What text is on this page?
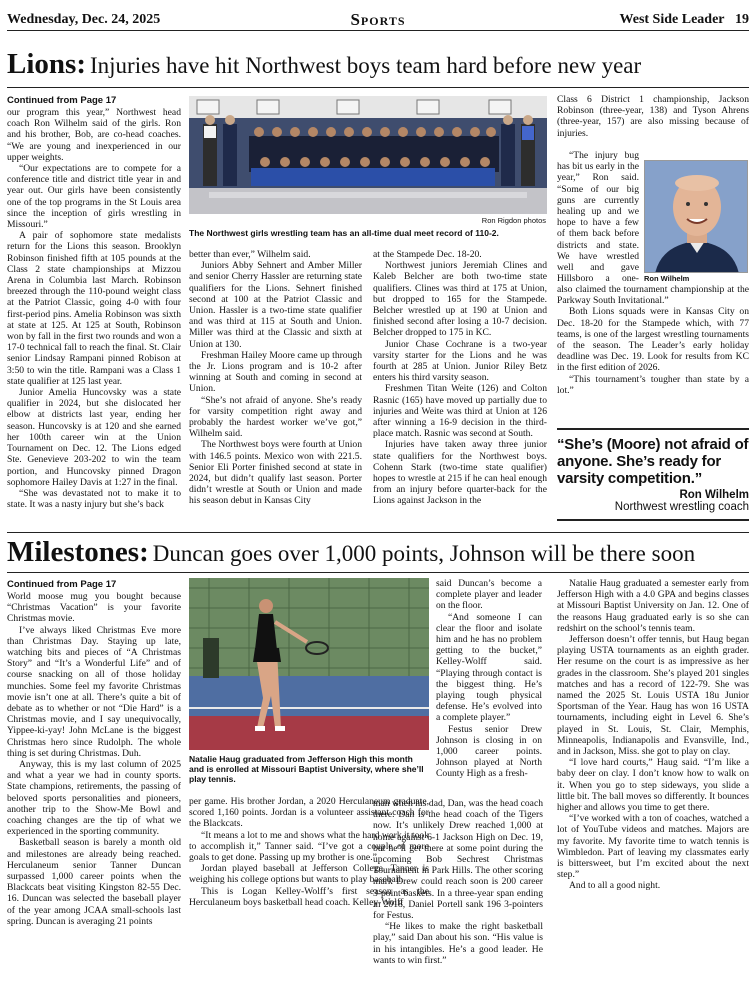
Wednesday, Dec. 24, 2025	Sports	West Side Leader 19
Lions: Injuries have hit Northwest boys team hard before new year
Continued from Page 17

our program this year,” Northwest head coach Ron Wilhelm said of the girls. Ron and his brother, Bob, are co-head coaches. “We are young and inexperienced in our upper weights.

“Our expectations are to compete for a conference title and district title year in and year out. Our girls have been consistently one of the top programs in the St Louis area since the inception of girls wrestling in Missouri.”

A pair of sophomore state medalists return for the Lions this season. Brooklyn Robinson finished fifth at 105 pounds at the Class 2 state championships at Mizzou Arena in Columbia last March. Robinson breezed through the 110-pound weight class at the Patriot Classic, going 4-0 with four first-period pins. Amelia Robinson was sixth at state at 125. At 125 at South, Robinson won by fall in the first two rounds and won a 17-0 technical fall to reach the final. St. Clair senior Lindsay Rampani pinned Robison at 3:50 to win the title. Rampani was a Class 1 state qualifier at 125 last year.

Junior Amelia Huncovsky was a state qualifier in 2024, but she dislocated her elbow at districts last year, ending her season. Huncovsky is at 120 and she earned her 100th career win at the Union Tournament on Dec. 12. The Lions edged Ste. Genevieve 203-202 to win the team portion, and Huncovsky pinned Dragon sophomore Hailey Davis at 1:27 in the final.

“She was devastated not to make it to state. It was a nasty injury but she’s back

Ron Rigdon photos
The Northwest girls wrestling team has an all-time dual meet record of 110-2.

better than ever,” Wilhelm said.

Juniors Abby Sehnert and Amber Miller and senior Cherry Hassler are returning state qualifiers for the Lions. Sehnert finished second at 100 at the Patriot Classic and Union. Hassler is a two-time state qualifier and was third at 115 at South and Union. Miller was third at the Classic and sixth at Union at 130.

Freshman Hailey Moore came up through the Jr. Lions program and is 10-2 after winning at South and coming in second at Union.

“She’s not afraid of anyone. She’s ready for varsity competition right away and probably the hardest worker we’ve got,” Wilhelm said.

The Northwest boys were fourth at Union with 146.5 points. Mexico won with 221.5. Senior Eli Porter finished second at state in 2024, but didn’t qualify last season. Porter didn’t wrestle at South or Union and made his season debut in Kansas City

at the Stampede Dec. 18-20.

Northwest juniors Jeremiah Clines and Kaleb Belcher are both two-time state qualifiers. Clines was third at 175 at Union, but dropped to 165 for the Stampede. Belcher wrestled up at 190 at Union and finished second after losing a 10-7 decision. Belcher dropped to 175 in KC.

Junior Chase Cochrane is a two-year varsity starter for the Lions and he was fourth at 285 at Union. Junior Riley Betz enters his third varsity season.

Freshmen Titan Weite (126) and Colton Rasnic (165) have moved up partially due to injuries and Weite was third at Union at 126 after winning a 16-9 decision in the third-place match. Rasnic was second at South.

Injuries have taken away three junior state qualifiers for the Northwest boys. Cohenn Stark (two-time state qualifier) hopes to wrestle at 215 if he can heal enough from an injury before quarter-back for the Lions against Jackson in the

Class 6 District 1 championship, Jackson Robinson (three-year, 138) and Tyson Ahrens (three-year, 157) are also missing because of injuries.

“The injury bug has bit us early in the year,” Ron said. “Some of our big guns are currently healing up and we hope to have a few of them back before districts and state. We have wrestled well and gave Hillsboro a one- Ron Wilhelm

also claimed the tournament championship at the Parkway South Invitational.”

Both Lions squads were in Kansas City on Dec. 18-20 for the Stampede which, with 77 teams, is one of the largest wrestling tournaments of the season. The Leader’s early holiday deadline was Dec. 19. Look for results from KC in the first edition of 2026.

“This tournament’s tougher than state by a lot.”

“She’s (Moore) not afraid of anyone. She’s ready for varsity competition.”
Ron Wilhelm
Northwest wrestling coach
Milestones: Duncan goes over 1,000 points, Johnson will be there soon
Continued from Page 17

World moose mug you bought because “Christmas Vacation” is your favorite Christmas movie.

I’ve always liked Christmas Eve more than Christmas Day. Staying up late, watching bits and pieces of “A Christmas Story” and “It’s a Wonderful Life” and of course snacking on all of those holiday munchies. Some feel my favorite Christmas movie isn’t one at all. There’s quite a bit of debate as to whether or not “Die Hard” is a Christmas movie, and I say unequivocally, Yippee-ki-yay! John McLane is the biggest Christmas hero since Rudolph. The whole thing is set during Christmas. Duh.

Anyway, this is my last column of 2025 and what a year we had in county sports. State champions, retirements, the passing of beloved sports personalities and pioneers, another trip to the Show-Me Bowl and coaching changes are the tip of what we experienced in the sporting community.

Basketball season is barely a month old and milestones are already being reached. Herculaneum senior Tanner Duncan surpassed 1,000 career points when the Blackcats beat visiting Kingston 82-55 Dec. 16. Duncan was selected the baseball player of the year among JCAA small-schools last spring. Duncan is averaging 21 points

Natalie Haug graduated from Jefferson High this month and is enrolled at Missouri Baptist University, where she’ll play tennis.

per game. His brother Jordan, a 2020 Herculaneum graduate, scored 1,160 points. Jordan is a volunteer assistant coach for the Blackcats.

“It means a lot to me and shows what the hard work it took to accomplish it,” Tanner said. “I’ve got a couple of more goals to get done. Passing up my brother is one.”

Jordan played baseball at Jefferson College. Tanner is weighing his college options but wants to play baseball.

This is Logan Kelley-Wolff’s first season as the Herculaneum boys basketball head coach. Kelley-Wolff

said Duncan’s become a complete player and leader on the floor.

“And someone I can clear the floor and isolate him and he has no problem getting to the bucket,” Kelley-Wolff said. “Playing through contact is the biggest thing. He’s playing tough physical defense. He’s evolved into a complete player.”

Festus senior Drew Johnson is closing in on 1,000 career points. Johnson played at North County High as a fresh-

man when his dad, Dan, was the head coach there. Dan is the head coach of the Tigers now. It’s unlikely Drew reached 1,000 at home against 6-1 Jackson High on Dec. 19, but he’ll get there at some point during the upcoming Bob Sechrest Christmas Tournament in Park Hills. The other scoring mark Drew could reach soon is 200 career 3-point baskets. In a three-year span ending in 2018, Daniel Portell sank 196 3-pointers for Festus.

“He likes to make the right basketball play,” said Dan about his son. “His value is in his intangibles. He’s a good leader. He wants to win first.”

Natalie Haug graduated a semester early from Jefferson High with a 4.0 GPA and begins classes at Missouri Baptist University on Jan. 12. One of the reasons Haug graduated early is so she can redshirt on the school’s tennis team.

Jefferson doesn’t offer tennis, but Haug began playing USTA tournaments as an eighth grader. Her resume on the court is as impressive as her grades in the classroom. She’s played 201 singles matches and has a record of 122-79. She was named the 2025 St. Louis USTA 18u Junior Sportsman of the Year. Haug has won 16 USTA tournaments, including eight in Level 6. She’s played in St. Louis, St. Clair, Memphis, Minneapolis, Indianapolis and Evansville, Ind., and in Jackson, Miss. she got to play on clay.

“I love hard courts,” Haug said. “I’m like a baby deer on clay. I don’t know how to walk on it. When you go to step sideways, you slide a little bit. The ball moves so differently. It bounces higher and allows you time to get there.

“I’ve worked with a ton of coaches, watched a lot of YouTube videos and matches. Majors are my favorite. My favorite time to watch tennis is Wimbledon. Part of leaving my classmates early is bittersweet, but I’m excited about the next step.”

And to all a good night.
